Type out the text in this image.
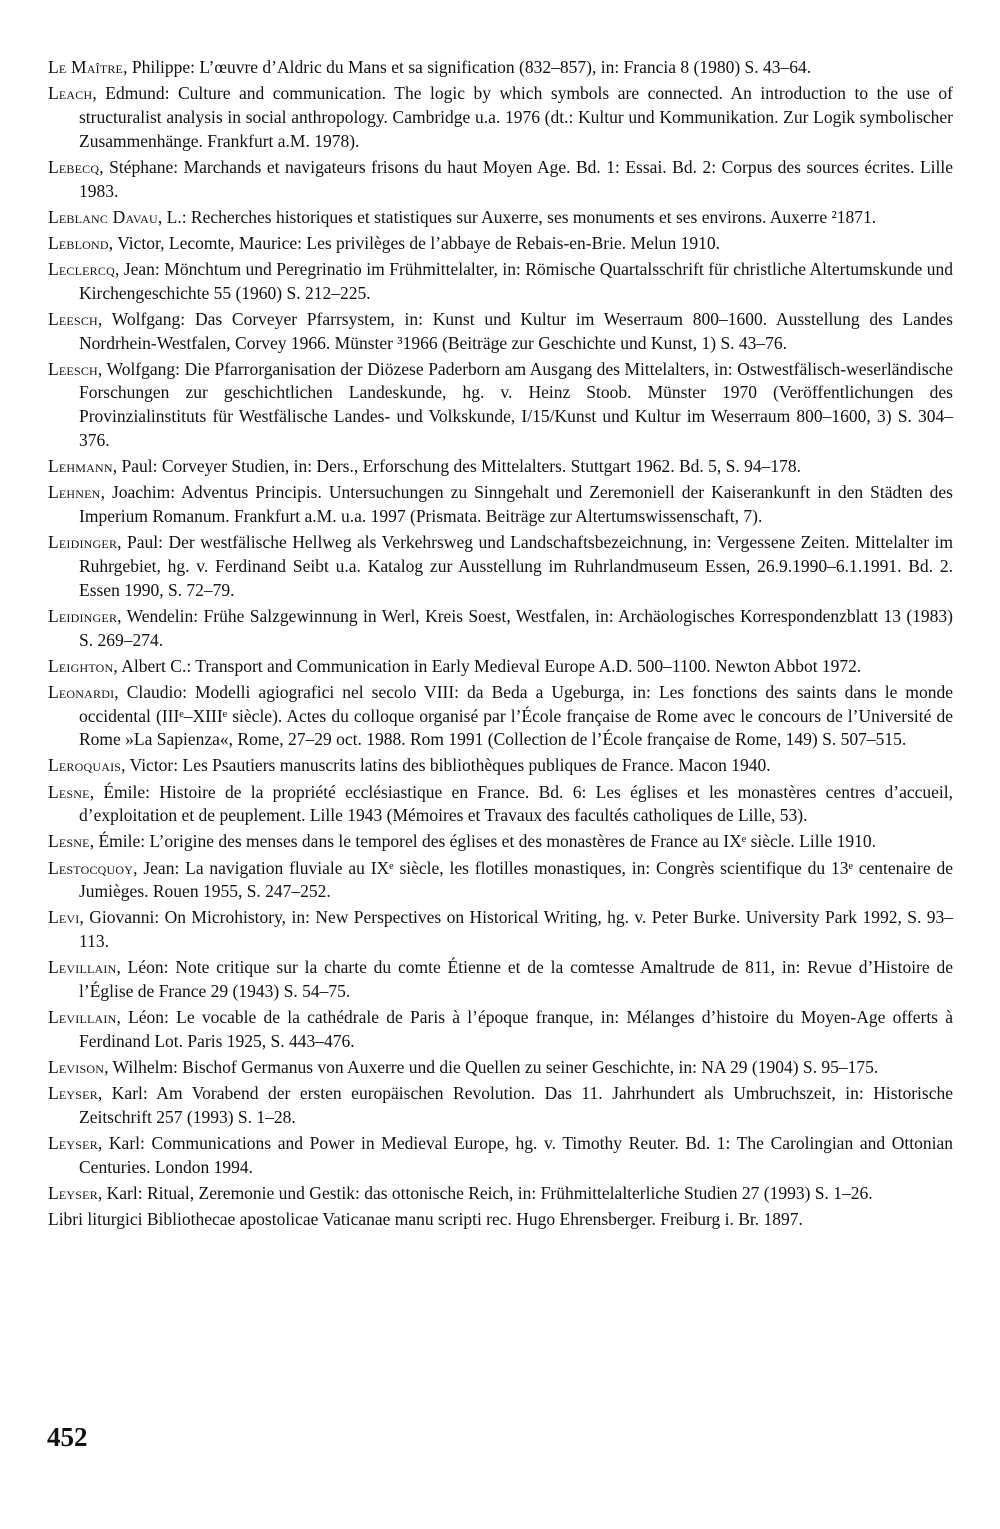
Le Maître, Philippe: L’œuvre d’Aldric du Mans et sa signification (832–857), in: Francia 8 (1980) S. 43–64.

Leach, Edmund: Culture and communication. The logic by which symbols are connected. An introduction to the use of structuralist analysis in social anthropology. Cambridge u.a. 1976 (dt.: Kultur und Kommunikation. Zur Logik symbolischer Zusammenhänge. Frankfurt a.M. 1978).

Lebecq, Stéphane: Marchands et navigateurs frisons du haut Moyen Age. Bd. 1: Essai. Bd. 2: Corpus des sources écrites. Lille 1983.

Leblanc Davau, L.: Recherches historiques et statistiques sur Auxerre, ses monuments et ses environs. Auxerre ²1871.

Leblond, Victor, Lecomte, Maurice: Les privilèges de l’abbaye de Rebais-en-Brie. Melun 1910.

Leclercq, Jean: Mönchtum und Peregrinatio im Frühmittelalter, in: Römische Quartalsschrift für christliche Altertumskunde und Kirchengeschichte 55 (1960) S. 212–225.

Leesch, Wolfgang: Das Corveyer Pfarrsystem, in: Kunst und Kultur im Weserraum 800–1600. Ausstellung des Landes Nordrhein-Westfalen, Corvey 1966. Münster ³1966 (Beiträge zur Geschichte und Kunst, 1) S. 43–76.

Leesch, Wolfgang: Die Pfarrorganisation der Diözese Paderborn am Ausgang des Mittelalters, in: Ostwestfälisch-weserländische Forschungen zur geschichtlichen Landeskunde, hg. v. Heinz Stoob. Münster 1970 (Veröffentlichungen des Provinzialinstituts für Westfälische Landes- und Volkskunde, I/15/Kunst und Kultur im Weserraum 800–1600, 3) S. 304–376.

Lehmann, Paul: Corveyer Studien, in: Ders., Erforschung des Mittelalters. Stuttgart 1962. Bd. 5, S. 94–178.

Lehnen, Joachim: Adventus Principis. Untersuchungen zu Sinngehalt und Zeremoniell der Kaiserankunft in den Städten des Imperium Romanum. Frankfurt a.M. u.a. 1997 (Prismata. Beiträge zur Altertumswissenschaft, 7).

Leidinger, Paul: Der westfälische Hellweg als Verkehrsweg und Landschaftsbezeichnung, in: Vergessene Zeiten. Mittelalter im Ruhrgebiet, hg. v. Ferdinand Seibt u.a. Katalog zur Ausstellung im Ruhrlandmuseum Essen, 26.9.1990–6.1.1991. Bd. 2. Essen 1990, S. 72–79.

Leidinger, Wendelin: Frühe Salzgewinnung in Werl, Kreis Soest, Westfalen, in: Archäologisches Korrespondenzblatt 13 (1983) S. 269–274.

Leighton, Albert C.: Transport and Communication in Early Medieval Europe A.D. 500–1100. Newton Abbot 1972.

Leonardi, Claudio: Modelli agiografici nel secolo VIII: da Beda a Ugeburga, in: Les fonctions des saints dans le monde occidental (IIIᵉ–XIIIᵉ siècle). Actes du colloque organisé par l’École française de Rome avec le concours de l’Université de Rome »La Sapienza«, Rome, 27–29 oct. 1988. Rom 1991 (Collection de l’École française de Rome, 149) S. 507–515.

Leroquais, Victor: Les Psautiers manuscrits latins des bibliothèques publiques de France. Macon 1940.

Lesne, Émile: Histoire de la propriété ecclésiastique en France. Bd. 6: Les églises et les monastères centres d’accueil, d’exploitation et de peuplement. Lille 1943 (Mémoires et Travaux des facultés catholiques de Lille, 53).

Lesne, Émile: L’origine des menses dans le temporel des églises et des monastères de France au IXᵉ siècle. Lille 1910.

Lestocquoy, Jean: La navigation fluviale au IXᵉ siècle, les flotilles monastiques, in: Congrès scientifique du 13ᵉ centenaire de Jumièges. Rouen 1955, S. 247–252.

Levi, Giovanni: On Microhistory, in: New Perspectives on Historical Writing, hg. v. Peter Burke. University Park 1992, S. 93–113.

Levillain, Léon: Note critique sur la charte du comte Étienne et de la comtesse Amaltrude de 811, in: Revue d’Histoire de l’Église de France 29 (1943) S. 54–75.

Levillain, Léon: Le vocable de la cathédrale de Paris à l’époque franque, in: Mélanges d’histoire du Moyen-Age offerts à Ferdinand Lot. Paris 1925, S. 443–476.

Levison, Wilhelm: Bischof Germanus von Auxerre und die Quellen zu seiner Geschichte, in: NA 29 (1904) S. 95–175.

Leyser, Karl: Am Vorabend der ersten europäischen Revolution. Das 11. Jahrhundert als Umbruchszeit, in: Historische Zeitschrift 257 (1993) S. 1–28.

Leyser, Karl: Communications and Power in Medieval Europe, hg. v. Timothy Reuter. Bd. 1: The Carolingian and Ottonian Centuries. London 1994.

Leyser, Karl: Ritual, Zeremonie und Gestik: das ottonische Reich, in: Frühmittelalterliche Studien 27 (1993) S. 1–26.

Libri liturgici Bibliothecae apostolicae Vaticanae manu scripti rec. Hugo Ehrensberger. Freiburg i. Br. 1897.

452
